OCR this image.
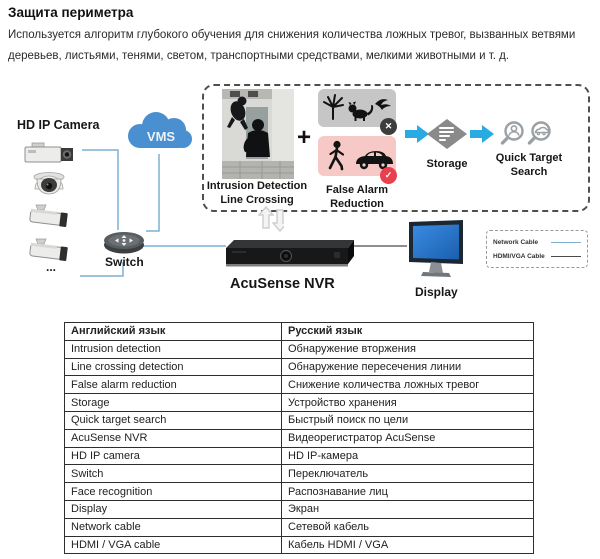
Защита периметра
Используется алгоритм глубокого обучения для снижения количества ложных тревог, вызванных ветвями деревьев, листьями, тенями, светом, транспортными средствами, мелкими животными и т. д.
HD IP Camera
...
VMS
Switch
Intrusion Detection
Line Crossing
+	✕
✓
False Alarm
Reduction
Storage	Quick Target
Search
AcuSense NVR	Display
Network Cable
HDMI/VGA Cable
Английский язык	Русский язык
Intrusion detection	Обнаружение вторжения
Line crossing detection	Обнаружение пересечения линии
False alarm reduction	Снижение количества ложных тревог
Storage	Устройство хранения
Quick target search	Быстрый поиск по цели
AcuSense NVR	Видеорегистратор AcuSense
HD IP camera	HD IP-камера
Switch	Переключатель
Face recognition	Распознавание лиц
Display	Экран
Network cable	Сетевой кабель
HDMI / VGA cable	Кабель HDMI / VGA
